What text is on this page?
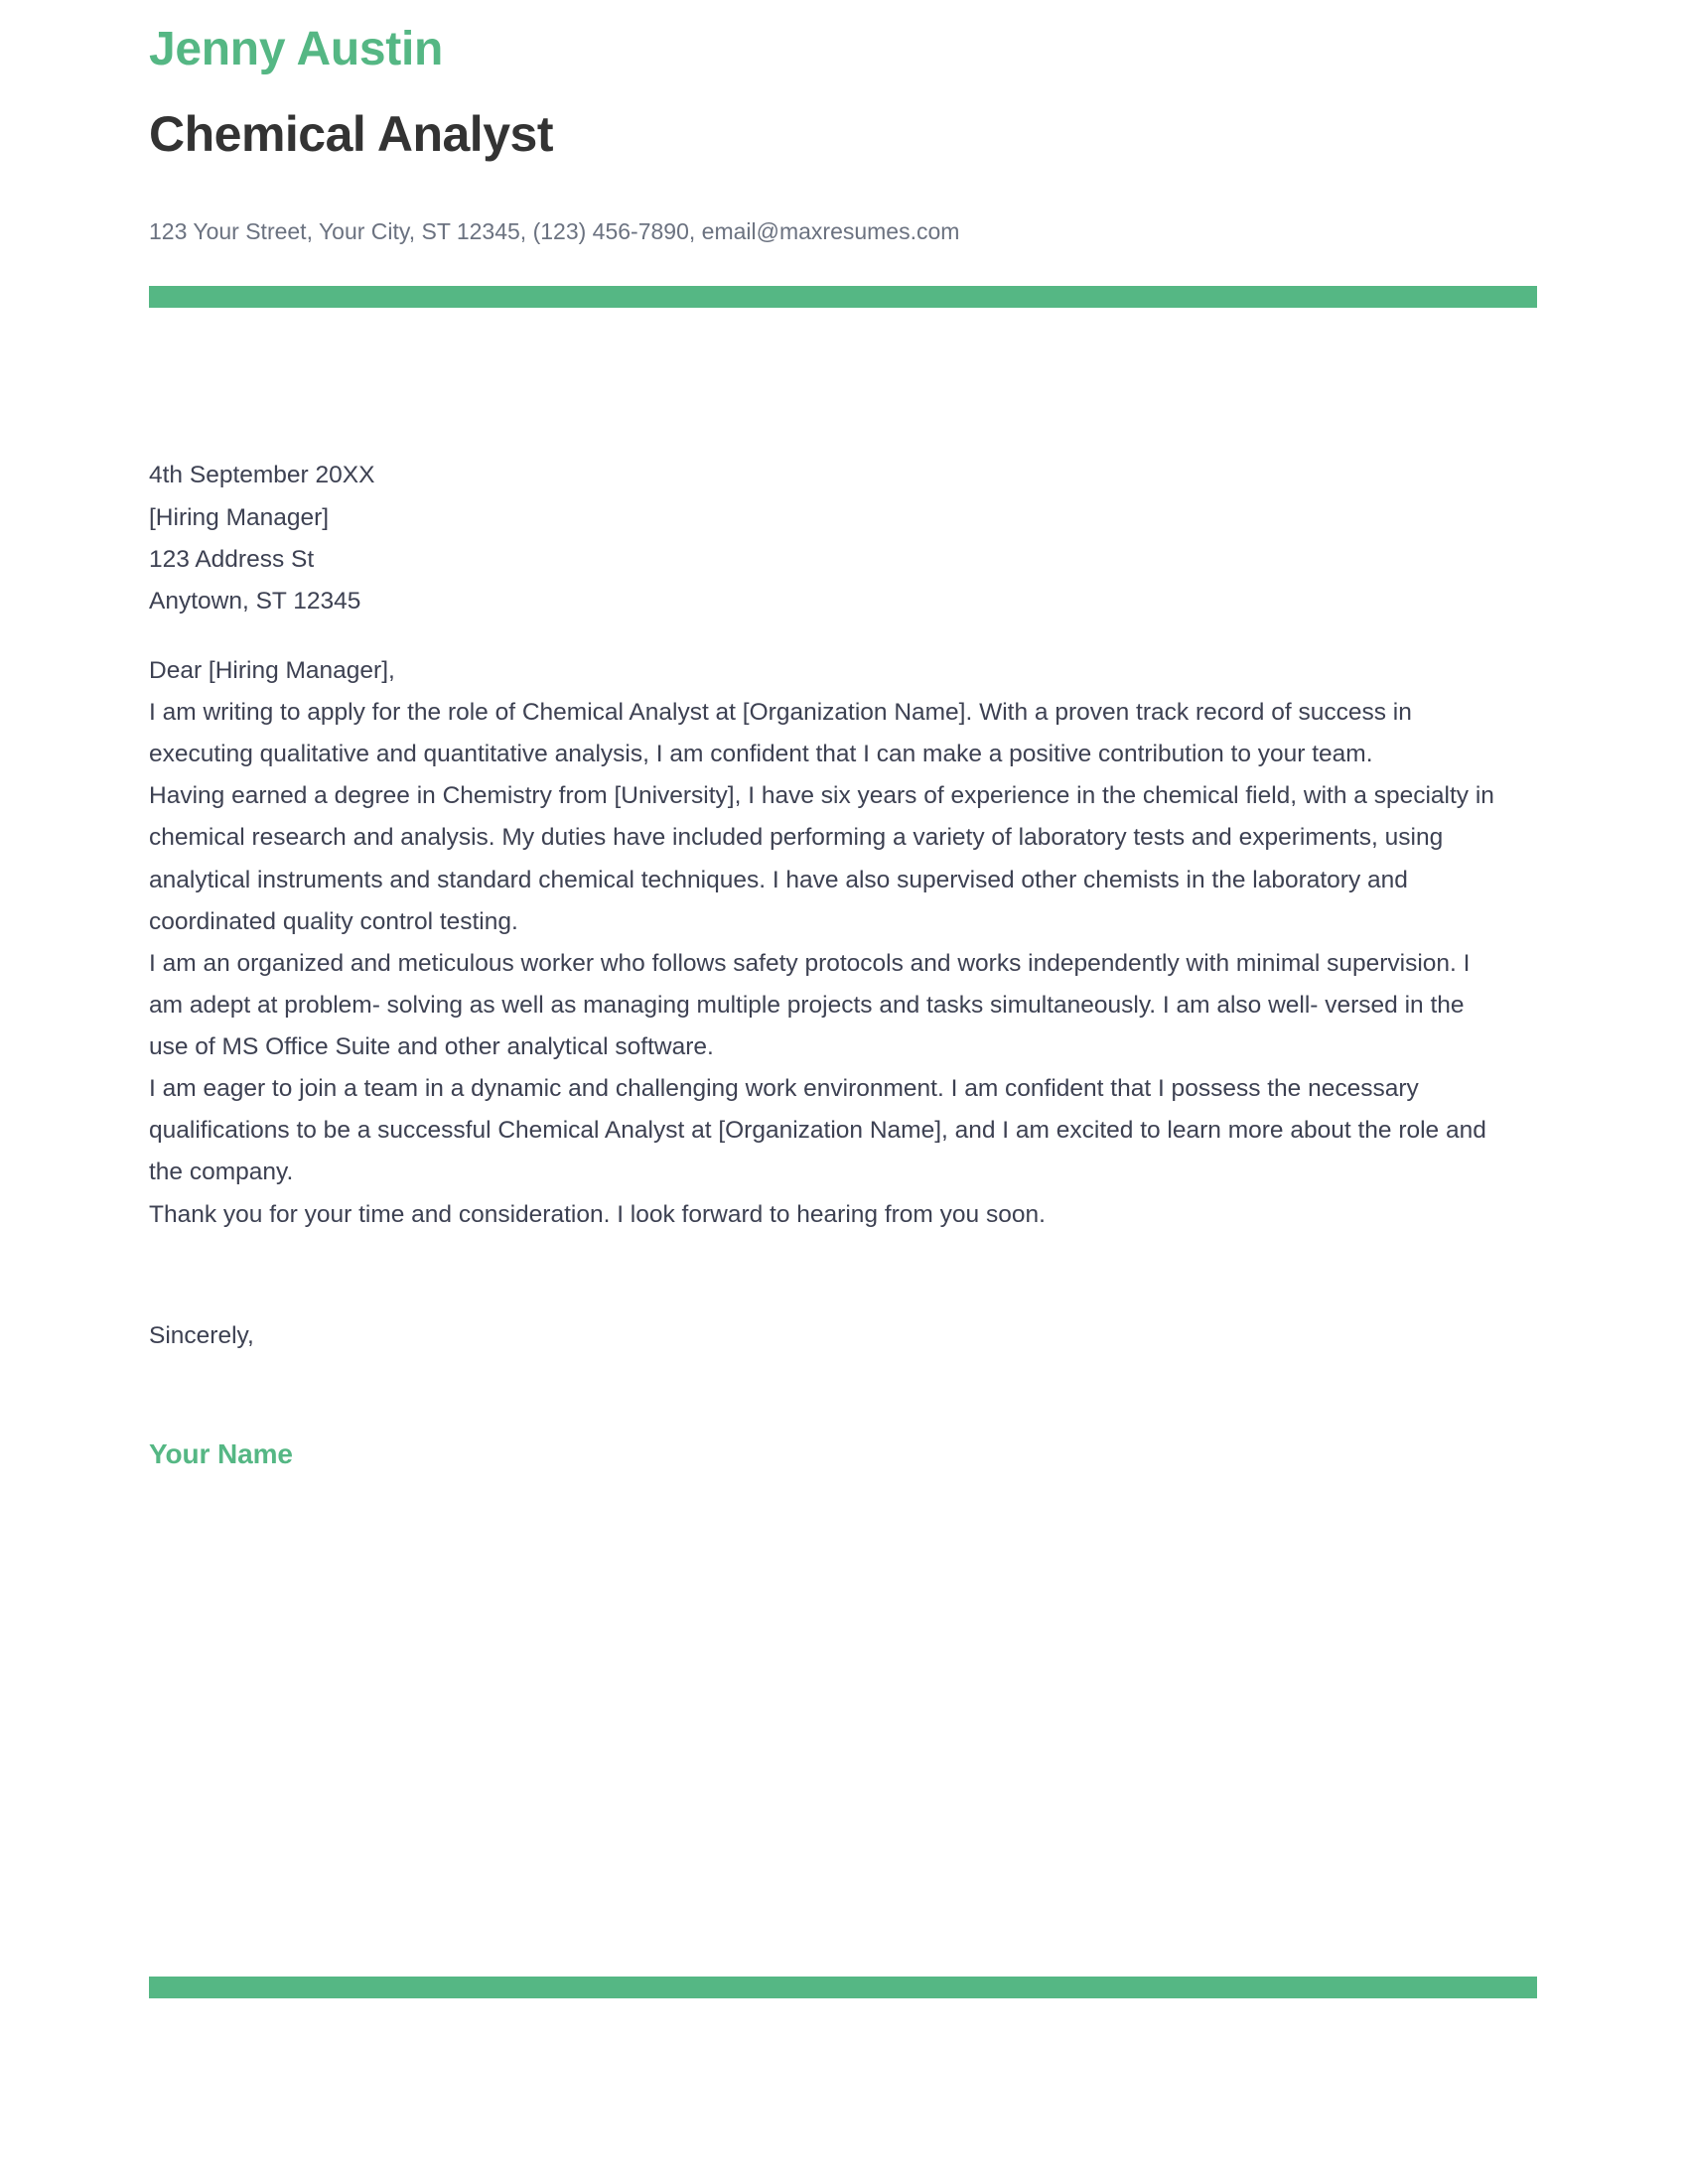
Jenny Austin
Chemical Analyst

123 Your Street, Your City, ST 12345, (123) 456-7890, email@maxresumes.com

4th September 20XX
[Hiring Manager]
123 Address St
Anytown, ST 12345
Dear [Hiring Manager],

I am writing to apply for the role of Chemical Analyst at [Organization Name]. With a proven track record of success in executing qualitative and quantitative analysis, I am confident that I can make a positive contribution to your team.

Having earned a degree in Chemistry from [University], I have six years of experience in the chemical field, with a specialty in chemical research and analysis. My duties have included performing a variety of laboratory tests and experiments, using analytical instruments and standard chemical techniques. I have also supervised other chemists in the laboratory and coordinated quality control testing.

I am an organized and meticulous worker who follows safety protocols and works independently with minimal supervision. I am adept at problem- solving as well as managing multiple projects and tasks simultaneously. I am also well- versed in the use of MS Office Suite and other analytical software.

I am eager to join a team in a dynamic and challenging work environment. I am confident that I possess the necessary qualifications to be a successful Chemical Analyst at [Organization Name], and I am excited to learn more about the role and the company.

Thank you for your time and consideration. I look forward to hearing from you soon.

Sincerely,
Your Name
